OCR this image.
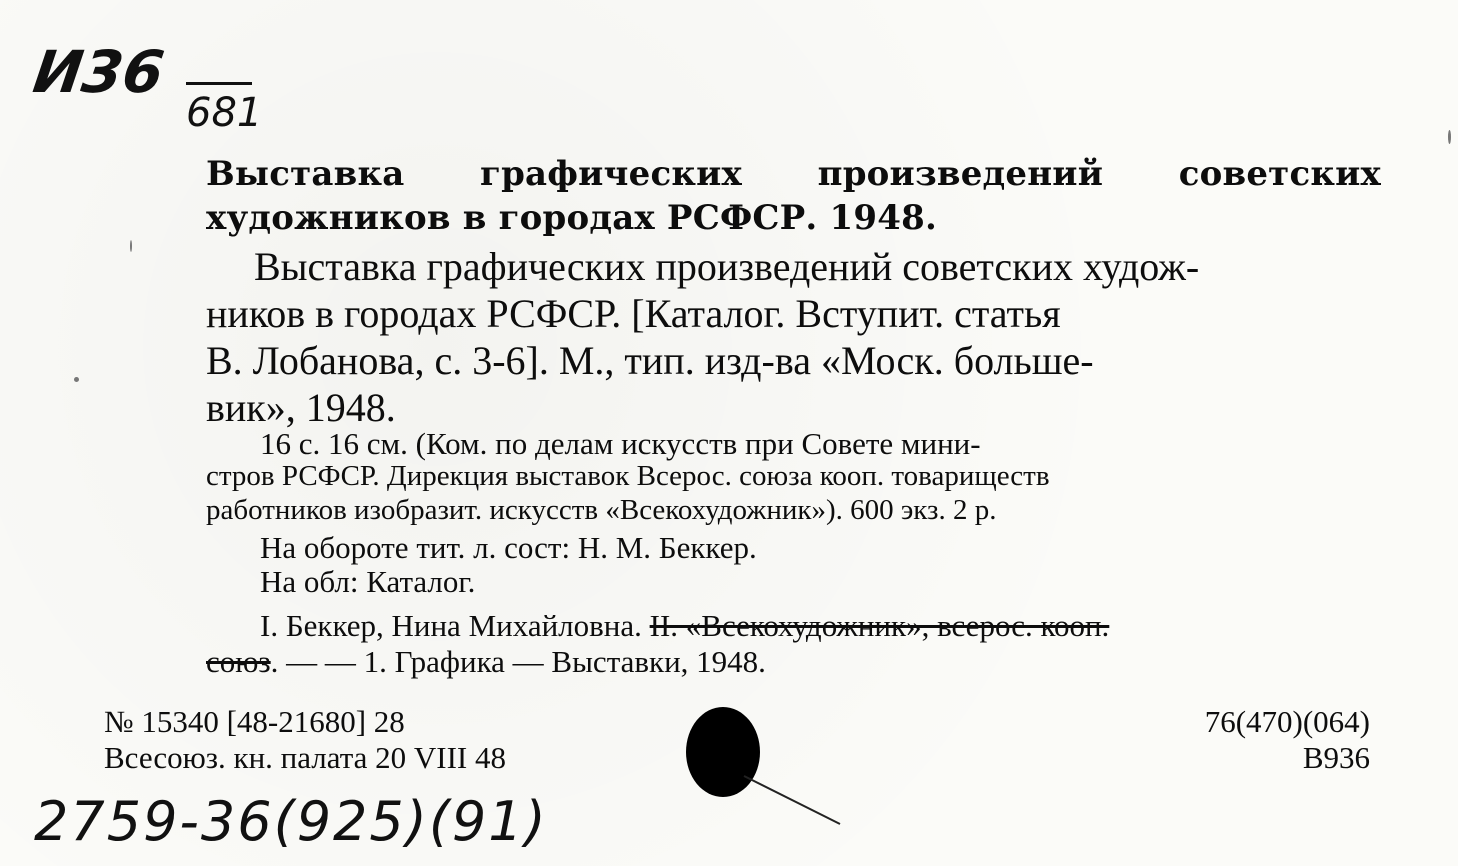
И36
681
Выставка графических произведений советских художников в городах РСФСР. 1948.
Выставка графических произведений советских худож-
ников в городах РСФСР. [Каталог. Вступит. статья
В. Лобанова, с. 3-6]. М., тип. изд-ва «Моск. больше-
вик», 1948.
16 с. 16 см. (Ком. по делам искусств при Совете мини-
стров РСФСР. Дирекция выставок Всерос. союза кооп. товариществ
работников изобразит. искусств «Всекохудожник»). 600 экз. 2 р.
На обороте тит. л. сост: Н. М. Беккер.
На обл: Каталог.
I. Беккер, Нина Михайловна. II. «Всекохудожник», всерос. кооп.
союз. — — 1. Графика — Выставки, 1948.
№ 15340 [48-21680] 28
Всесоюз. кн. палата 20 VIII 48
76(470)(064)
В936
2759-36(925)(91)
